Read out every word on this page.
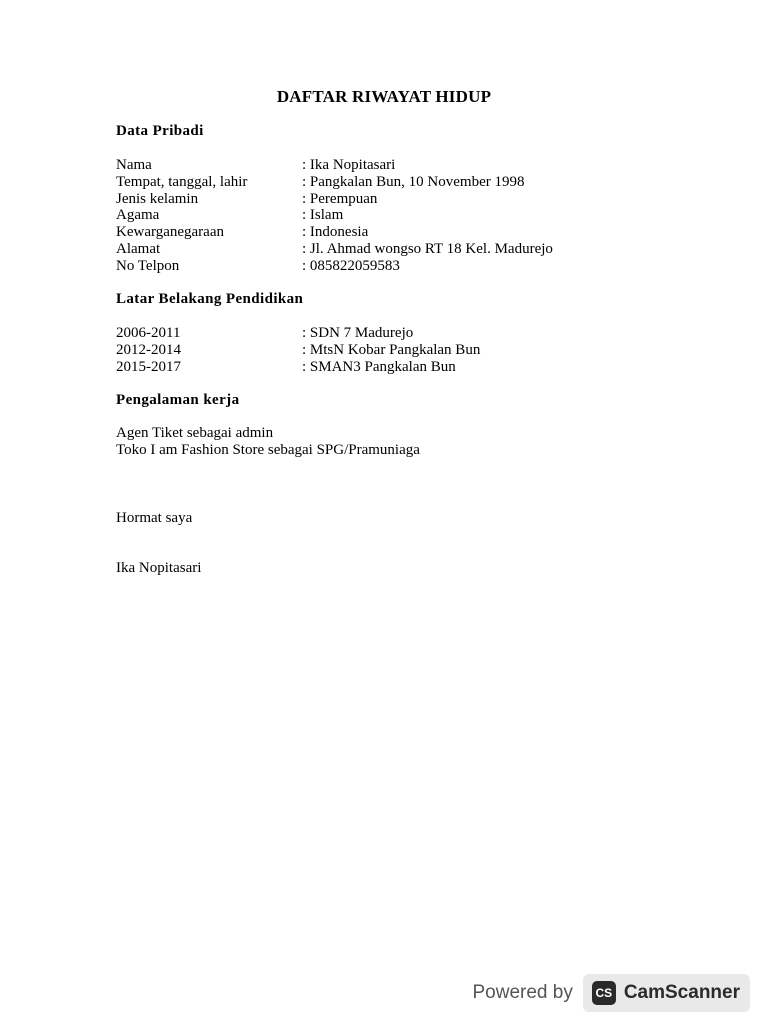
DAFTAR RIWAYAT HIDUP
Data Pribadi
Nama	: Ika Nopitasari
Tempat, tanggal, lahir	: Pangkalan Bun, 10 November 1998
Jenis kelamin	: Perempuan
Agama	: Islam
Kewarganegaraan	: Indonesia
Alamat	: Jl. Ahmad wongso RT 18 Kel. Madurejo
No Telpon	: 085822059583
Latar Belakang Pendidikan
2006-2011	: SDN 7 Madurejo
2012-2014	: MtsN Kobar Pangkalan Bun
2015-2017	: SMAN3 Pangkalan Bun
Pengalaman kerja
Agen Tiket sebagai admin
Toko I am Fashion Store sebagai SPG/Pramuniaga
Hormat saya
Ika Nopitasari
Powered by	CS CamScanner
